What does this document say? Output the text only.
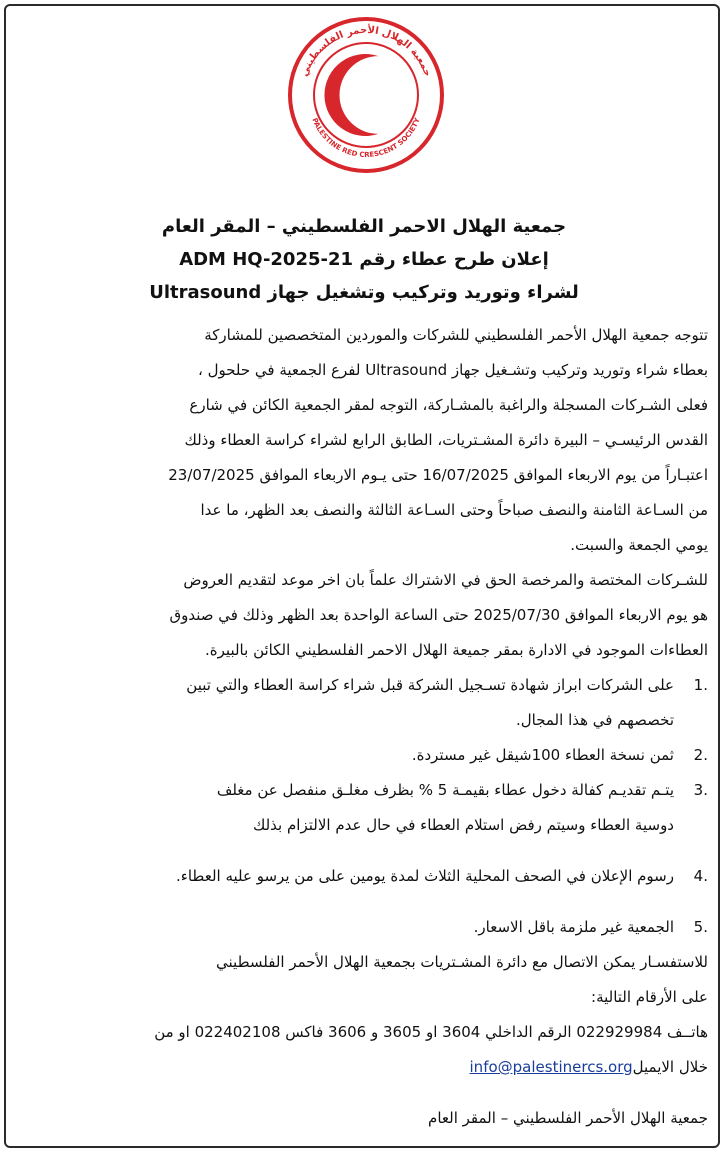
جمعية الهلال الأحمر الفلسطيني
PALESTINE RED CRESCENT SOCIETY
جمعية الهلال الاحمر الفلسطيني – المقر العام
إعلان طرح عطاء رقم 21-ADM HQ-2025
لشراء وتوريد وتركيب وتشغيل جهاز Ultrasound
تتوجه جمعية الهلال الأحمر الفلسطيني للشركات والموردين المتخصصين للمشاركة
بعطاء شراء وتوريد وتركيب وتشـغيل جهاز Ultrasound لفرع الجمعية في حلحول ،
فعلى الشـركات المسجلة والراغبة بالمشـاركة، التوجه لمقر الجمعية الكائن في شارع
القدس الرئيسـي – البيرة دائرة المشـتريات، الطابق الرابع لشراء كراسة العطاء وذلك
اعتبـاراً من يوم الاربعاء الموافق 16/07/2025 حتى يـوم الاربعاء الموافق 23/07/2025
من السـاعة الثامنة والنصف صباحاً وحتى السـاعة الثالثة والنصف بعد الظهر، ما عدا
يومي الجمعة والسبت.
للشـركات المختصة والمرخصة الحق في الاشتراك علماً بان اخر موعد لتقديم العروض
هو يوم الاربعاء الموافق 2025/07/30 حتى الساعة الواحدة بعد الظهر وذلك في صندوق
العطاءات الموجود في الادارة بمقر جميعة الهلال الاحمر الفلسطيني الكائن بالبيرة.
.1
على الشركات ابراز شهادة تسـجيل الشركة قبل شراء كراسة العطاء والتي تبين
تخصصهم في هذا المجال.
.2
ثمن نسخة العطاء 100شيقل غير مستردة.
.3
يتـم تقديـم كفالة دخول عطاء بقيمـة 5 % بظرف مغلـق منفصل عن مغلف
دوسية العطاء وسيتم رفض استلام العطاء في حال عدم الالتزام بذلك
.4
رسوم الإعلان في الصحف المحلية الثلاث لمدة يومين على من يرسو عليه العطاء.
.5
الجمعية غير ملزمة باقل الاسعار.
للاستفسـار يمكن الاتصال مع دائرة المشـتريات بجمعية الهلال الأحمر الفلسطيني
على الأرقام التالية:
هاتــف 022929984 الرقم الداخلي 3604 او 3605 و 3606 فاكس 022402108 او من
خلال الايميلinfo@palestinercs.org
جمعية الهلال الأحمر الفلسطيني – المقر العام
